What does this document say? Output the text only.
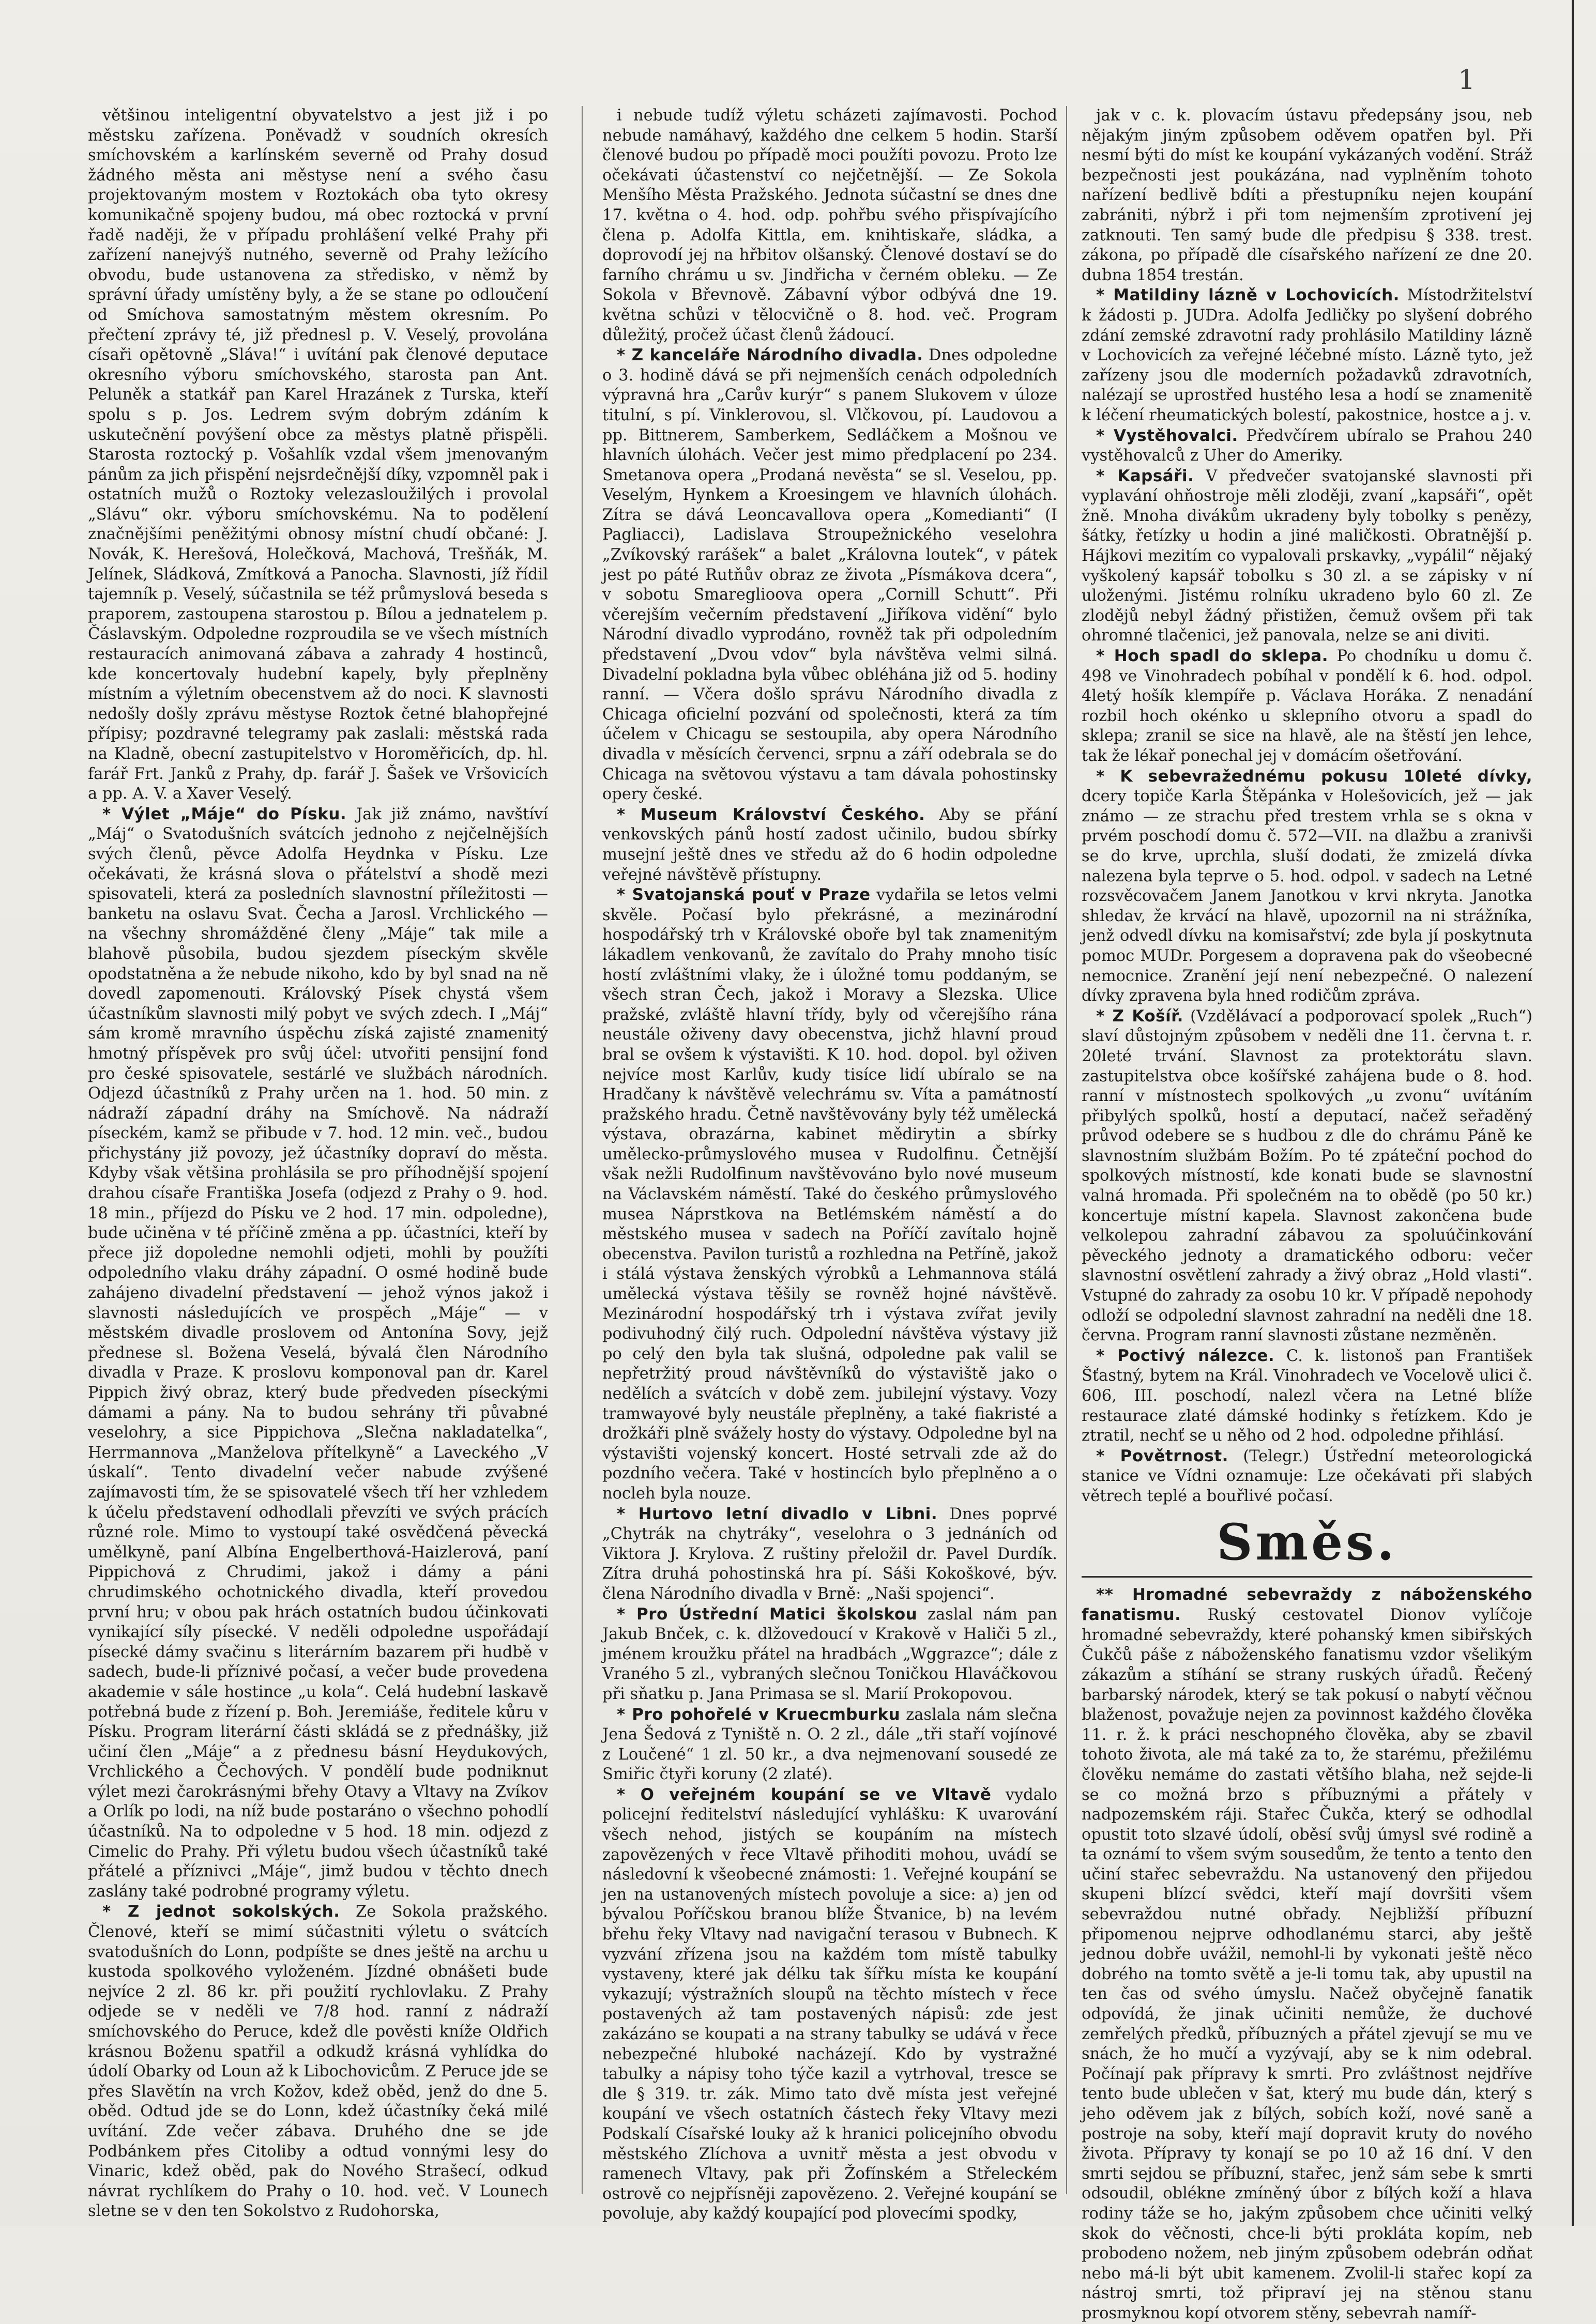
1

většinou inteligentní obyvatelstvo a jest již i po městsku zařízena. Poněvadž v soudních okresích smíchovském a karlínském severně od Prahy dosud žádného města ani městyse není a svého času projektovaným mostem v Roztokách oba tyto okresy komunikačně spojeny budou, má obec roztocká v první řadě naději, že v případu prohlášení velké Prahy při zařízení nanejvýš nutného, severně od Prahy ležícího obvodu, bude ustanovena za středisko, v němž by správní úřady umístěny byly, a že se stane po odloučení od Smíchova samostatným městem okresním. Po přečtení zprávy té, již přednesl p. V. Veselý, provolána císaři opětovně „Sláva!“ i uvítání pak členové deputace okresního výboru smíchovského, starosta pan Ant. Peluněk a statkář pan Karel Hrazánek z Turska, kteří spolu s p. Jos. Ledrem svým dobrým zdáním k uskutečnění povýšení obce za městys platně přispěli. Starosta roztocký p. Vošahlík vzdal všem jmenovaným pánům za jich přispění nejsrdečnější díky, vzpomněl pak i ostatních mužů o Roztoky velezasloužilých i provolal „Slávu“ okr. výboru smíchovskému. Na to podělení značnějšími peněžitými obnosy místní chudí občané: J. Novák, K. Herešová, Holečková, Machová, Trešňák, M. Jelínek, Sládková, Zmítková a Panocha. Slavnosti, jíž řídil tajemník p. Veselý, súčastnila se též průmyslová beseda s praporem, zastoupena starostou p. Bílou a jednatelem p. Čáslavským. Odpoledne rozproudila se ve všech místních restauracích animovaná zábava a zahrady 4 hostinců, kde koncertovaly hudební kapely, byly přeplněny místním a výletním obecenstvem až do noci. K slavnosti nedošly došly zprávu městyse Roztok četné blahopřejné přípisy; pozdravné telegramy pak zaslali: městská rada na Kladně, obecní zastupitelstvo v Horoměřicích, dp. hl. farář Frt. Janků z Prahy, dp. farář J. Šašek ve Vršovicích a pp. A. V. a Xaver Veselý.

* Výlet „Máje“ do Písku. Jak již známo, navštíví „Máj“ o Svatodušních svátcích jednoho z nejčelnějších svých členů, pěvce Adolfa Heydnka v Písku. Lze očekávati, že krásná slova o přátelství a shodě mezi spisovateli, která za posledních slavnostní příležitosti — banketu na oslavu Svat. Čecha a Jarosl. Vrchlického — na všechny shromážděné členy „Máje“ tak mile a blahově působila, budou sjezdem píseckým skvěle opodstatněna a že nebude nikoho, kdo by byl snad na ně dovedl zapomenouti. Královský Písek chystá všem účastníkům slavnosti milý pobyt ve svých zdech. I „Máj“ sám kromě mravního úspěchu získá zajisté znamenitý hmotný příspěvek pro svůj účel: utvořiti pensijní fond pro české spisovatele, sestárlé ve službách národních. Odjezd účastníků z Prahy určen na 1. hod. 50 min. z nádraží západní dráhy na Smíchově. Na nádraží píseckém, kamž se přibude v 7. hod. 12 min. več., budou přichystány již povozy, jež účastníky dopraví do města. Kdyby však většina prohlásila se pro příhodnější spojení drahou císaře Františka Josefa (odjezd z Prahy o 9. hod. 18 min., příjezd do Písku ve 2 hod. 17 min. odpoledne), bude učiněna v té příčině změna a pp. účastníci, kteří by přece již dopoledne nemohli odjeti, mohli by použíti odpoledního vlaku dráhy západní. O osmé hodině bude zahájeno divadelní představení — jehož výnos jakož i slavnosti následujících ve prospěch „Máje“ — v městském divadle proslovem od Antonína Sovy, jejž přednese sl. Božena Veselá, bývalá člen Národního divadla v Praze. K proslovu komponoval pan dr. Karel Pippich živý obraz, který bude předveden píseckými dámami a pány. Na to budou sehrány tři půvabné veselohry, a sice Pippichova „Slečna nakladatelka“, Herrmannova „Manželova přítelkyně“ a Laveckého „V úskalí“. Tento divadelní večer nabude zvýšené zajímavosti tím, že se spisovatelé všech tří her vzhledem k účelu představení odhodlali převzíti ve svých prácích různé role. Mimo to vystoupí také osvědčená pěvecká umělkyně, paní Albína Engelberthová-Haizlerová, paní Pippichová z Chrudimi, jakož i dámy a páni chrudimského ochotnického divadla, kteří provedou první hru; v obou pak hrách ostatních budou účinkovati vynikající síly písecké. V neděli odpoledne uspořádají písecké dámy svačinu s literárním bazarem při hudbě v sadech, bude-li příznivé počasí, a večer bude provedena akademie v sále hostince „u kola“. Celá hudební laskavě potřebná bude z řízení p. Boh. Jeremiáše, ředitele kůru v Písku. Program literární části skládá se z přednášky, již učiní člen „Máje“ a z přednesu básní Heydukových, Vrchlického a Čechových. V pondělí bude podniknut výlet mezi čarokrásnými břehy Otavy a Vltavy na Zvíkov a Orlík po lodi, na níž bude postaráno o všechno pohodlí účastníků. Na to odpoledne v 5 hod. 18 min. odjezd z Cimelic do Prahy. Při výletu budou všech účastníků také přátelé a příznivci „Máje“, jimž budou v těchto dnech zaslány také podrobné programy výletu.

* Z jednot sokolských. Ze Sokola pražského. Členové, kteří se mimí súčastniti výletu o svátcích svatodušních do Lonn, podpíšte se dnes ještě na archu u kustoda spolkového vyloženém. Jízdné obnášeti bude nejvíce 2 zl. 86 kr. při použití rychlovlaku. Z Prahy odjede se v neděli ve 7/8 hod. ranní z nádraží smíchovského do Peruce, kdež dle pověsti kníže Oldřich krásnou Boženu spatřil a odkudž krásná vyhlídka do údolí Obarky od Loun až k Libochovicům. Z Peruce jde se přes Slavětín na vrch Kožov, kdež oběd, jenž do dne 5. oběd. Odtud jde se do Lonn, kdež účastníky čeká milé uvítání. Zde večer zábava. Druhého dne se jde Podbánkem přes Citoliby a odtud vonnými lesy do Vinaric, kdež oběd, pak do Nového Strašecí, odkud návrat rychlíkem do Prahy o 10. hod. več. V Lounech sletne se v den ten Sokolstvo z Rudohorska,

i nebude tudíž výletu scházeti zajímavosti. Pochod nebude namáhavý, každého dne celkem 5 hodin. Starší členové budou po případě moci použíti povozu. Proto lze očekávati účastenství co nejčetnější. — Ze Sokola Menšího Města Pražského. Jednota súčastní se dnes dne 17. května o 4. hod. odp. pohřbu svého přispívajícího člena p. Adolfa Kittla, em. knihtiskaře, sládka, a doprovodí jej na hřbitov olšanský. Členové dostaví se do farního chrámu u sv. Jindřicha v černém obleku. — Ze Sokola v Břevnově. Zábavní výbor odbývá dne 19. května schůzi v tělocvičně o 8. hod. več. Program důležitý, pročež účast členů žádoucí.

* Z kanceláře Národního divadla. Dnes odpoledne o 3. hodině dává se při nejmenších cenách odpoledních výpravná hra „Carův kurýr“ s panem Slukovem v úloze titulní, s pí. Vinklerovou, sl. Vlčkovou, pí. Laudovou a pp. Bittnerem, Samberkem, Sedláčkem a Mošnou ve hlavních úlohách. Večer jest mimo předplacení po 234. Smetanova opera „Prodaná nevěsta“ se sl. Veselou, pp. Veselým, Hynkem a Kroesingem ve hlavních úlohách. Zítra se dává Leoncavallova opera „Komedianti“ (I Pagliacci), Ladislava Stroupežnického veselohra „Zvíkovský rarášek“ a balet „Královna loutek“, v pátek jest po páté Rutňův obraz ze života „Písmákova dcera“, v sobotu Smareglioova opera „Cornill Schutt“. Při včerejším večerním představení „Jiříkova vidění“ bylo Národní divadlo vyprodáno, rovněž tak při odpoledním představení „Dvou vdov“ byla návštěva velmi silná. Divadelní pokladna byla vůbec obléhána již od 5. hodiny ranní. — Včera došlo správu Národního divadla z Chicaga oficielní pozvání od společnosti, která za tím účelem v Chicagu se sestoupila, aby opera Národního divadla v měsících červenci, srpnu a září odebrala se do Chicaga na světovou výstavu a tam dávala pohostinsky opery české.

* Museum Království Českého. Aby se přání venkovských pánů hostí zadost učinilo, budou sbírky musejní ještě dnes ve středu až do 6 hodin odpoledne veřejné návštěvě přístupny.

* Svatojanská pouť v Praze vydařila se letos velmi skvěle. Počasí bylo překrásné, a mezinárodní hospodářský trh v Královské oboře byl tak znamenitým lákadlem venkovanů, že zavítalo do Prahy mnoho tisíc hostí zvláštními vlaky, že i úložné tomu poddaným, se všech stran Čech, jakož i Moravy a Slezska. Ulice pražské, zvláště hlavní třídy, byly od včerejšího rána neustále oživeny davy obecenstva, jichž hlavní proud bral se ovšem k výstavišti. K 10. hod. dopol. byl oživen nejvíce most Karlův, kudy tisíce lidí ubíralo se na Hradčany k návštěvě velechrámu sv. Víta a památností pražského hradu. Četně navštěvovány byly též umělecká výstava, obrazárna, kabinet mědirytin a sbírky umělecko-průmyslového musea v Rudolfinu. Četnější však nežli Rudolfinum navštěvováno bylo nové museum na Václavském náměstí. Také do českého průmyslového musea Náprstkova na Betlémském náměstí a do městského musea v sadech na Poříčí zavítalo hojně obecenstva. Pavilon turistů a rozhledna na Petříně, jakož i stálá výstava ženských výrobků a Lehmannova stálá umělecká výstava těšily se rovněž hojné návštěvě. Mezinárodní hospodářský trh i výstava zvířat jevily podivuhodný čilý ruch. Odpolední návštěva výstavy již po celý den byla tak slušná, odpoledne pak valil se nepřetržitý proud návštěvníků do výstaviště jako o nedělích a svátcích v době zem. jubilejní výstavy. Vozy tramwayové byly neustále přeplněny, a také fiakristé a drožkáři plně svážely hosty do výstavy. Odpoledne byl na výstavišti vojenský koncert. Hosté setrvali zde až do pozdního večera. Také v hostincích bylo přeplněno a o nocleh byla nouze.

* Hurtovo letní divadlo v Libni. Dnes poprvé „Chytrák na chytráky“, veselohra o 3 jednáních od Viktora J. Krylova. Z ruštiny přeložil dr. Pavel Durdík. Zítra druhá pohostinská hra pí. Sáši Kokoškové, býv. člena Národního divadla v Brně: „Naši spojenci“.

* Pro Ústřední Matici školskou zaslal nám pan Jakub Bnček, c. k. dlžovedoucí v Krakově v Haliči 5 zl., jménem kroužku přátel na hradbách „Wggrazce“; dále z Vraného 5 zl., vybraných slečnou Toničkou Hlaváčkovou při sňatku p. Jana Primasa se sl. Marií Prokopovou.

* Pro pohořelé v Kruecmburku zaslala nám slečna Jena Šedová z Tyniště n. O. 2 zl., dále „tři staří vojínové z Loučené“ 1 zl. 50 kr., a dva nejmenovaní sousedé ze Smiřic čtyři koruny (2 zlaté).

* O veřejném koupání se ve Vltavě vydalo policejní ředitelství následující vyhlášku: K uvarování všech nehod, jistých se koupáním na místech zapovězených v řece Vltavě přihoditi mohou, uvádí se následovní k všeobecné známosti: 1. Veřejné koupání se jen na ustanovených místech povoluje a sice: a) jen od bývalou Poříčskou branou blíže Štvanice, b) na levém břehu řeky Vltavy nad navigační terasou v Bubnech. K vyzvání zřízena jsou na každém tom místě tabulky vystaveny, které jak délku tak šířku místa ke koupání vykazují; výstražních sloupů na těchto místech v řece postavených až tam postavených nápisů: zde jest zakázáno se koupati a na strany tabulky se udává v řece nebezpečné hluboké nacházejí. Kdo by vystražné tabulky a nápisy toho týče kazil a vytrhoval, tresce se dle § 319. tr. zák. Mimo tato dvě místa jest veřejné koupání ve všech ostatních částech řeky Vltavy mezi Podskalí Císařské louky až k hranici policejního obvodu městského Zlíchova a uvnitř města a jest obvodu v ramenech Vltavy, pak při Žofínském a Střeleckém ostrově co nejpřísněji zapovězeno. 2. Veřejné koupání se povoluje, aby každý koupající pod plovecími spodky,

jak v c. k. plovacím ústavu předepsány jsou, neb nějakým jiným způsobem oděvem opatřen byl. Při nesmí býti do míst ke koupání vykázaných vodění. Stráž bezpečnosti jest poukázána, nad vyplněním tohoto nařízení bedlivě bdíti a přestupníku nejen koupání zabrániti, nýbrž i při tom nejmenším zprotivení jej zatknouti. Ten samý bude dle předpisu § 338. trest. zákona, po případě dle císařského nařízení ze dne 20. dubna 1854 trestán.

* Matildiny lázně v Lochovicích. Místodržitelství k žádosti p. JUDra. Adolfa Jedličky po slyšení dobrého zdání zemské zdravotní rady prohlásilo Matildiny lázně v Lochovicích za veřejné léčebné místo. Lázně tyto, jež zařízeny jsou dle moderních požadavků zdravotních, nalézají se uprostřed hustého lesa a hodí se znamenitě k léčení rheumatických bolestí, pakostnice, hostce a j. v.

* Vystěhovalci. Předvčírem ubíralo se Prahou 240 vystěhovalců z Uher do Ameriky.

* Kapsáři. V předvečer svatojanské slavnosti při vyplavání ohňostroje měli zloději, zvaní „kapsáři“, opět žně. Mnoha divákům ukradeny byly tobolky s penězy, šátky, řetízky u hodin a jiné maličkosti. Obratnější p. Hájkovi mezitím co vypalovali prskavky, „vypálil“ nějaký vyškolený kapsář tobolku s 30 zl. a se zápisky v ní uloženými. Jistému rolníku ukradeno bylo 60 zl. Ze zlodějů nebyl žádný přistižen, čemuž ovšem při tak ohromné tlačenici, jež panovala, nelze se ani diviti.

* Hoch spadl do sklepa. Po chodníku u domu č. 498 ve Vinohradech pobíhal v pondělí k 6. hod. odpol. 4letý hošík klempíře p. Václava Horáka. Z nenadání rozbil hoch okénko u sklepního otvoru a spadl do sklepa; zranil se sice na hlavě, ale na štěstí jen lehce, tak že lékař ponechal jej v domácím ošetřování.

* K sebevražednému pokusu 10leté dívky, dcery topiče Karla Štěpánka v Holešovicích, jež — jak známo — ze strachu před trestem vrhla se s okna v prvém poschodí domu č. 572—VII. na dlažbu a zranivši se do krve, uprchla, sluší dodati, že zmizelá dívka nalezena byla teprve o 5. hod. odpol. v sadech na Letné rozsvěcovačem Janem Janotkou v krvi nkryta. Janotka shledav, že krvácí na hlavě, upozornil na ni strážníka, jenž odvedl dívku na komisařství; zde byla jí poskytnuta pomoc MUDr. Porgesem a dopravena pak do všeobecné nemocnice. Zranění její není nebezpečné. O nalezení dívky zpravena byla hned rodičům zpráva.

* Z Košíř. (Vzdělávací a podporovací spolek „Ruch“) slaví důstojným způsobem v neděli dne 11. června t. r. 20leté trvání. Slavnost za protektorátu slavn. zastupitelstva obce košířské zahájena bude o 8. hod. ranní v místnostech spolkových „u zvonu“ uvítáním přibylých spolků, hostí a deputací, načež seřaděný průvod odebere se s hudbou z dle do chrámu Páně ke slavnostním službám Božím. Po té zpáteční pochod do spolkových místností, kde konati bude se slavnostní valná hromada. Při společném na to obědě (po 50 kr.) koncertuje místní kapela. Slavnost zakončena bude velkolepou zahradní zábavou za spoluúčinkování pěveckého jednoty a dramatického odboru: večer slavnostní osvětlení zahrady a živý obraz „Hold vlasti“. Vstupné do zahrady za osobu 10 kr. V případě nepohody odloží se odpolední slavnost zahradní na neděli dne 18. června. Program ranní slavnosti zůstane nezměněn.

* Poctivý nálezce. C. k. listonoš pan František Šťastný, bytem na Král. Vinohradech ve Vocelově ulici č. 606, III. poschodí, nalezl včera na Letné blíže restaurace zlaté dámské hodinky s řetízkem. Kdo je ztratil, nechť se u něho od 2 hod. odpoledne přihlásí.

* Povětrnost. (Telegr.) Ústřední meteorologická stanice ve Vídni oznamuje: Lze očekávati při slabých větrech teplé a bouřlivé počasí.

Směs.

** Hromadné sebevraždy z náboženského fanatismu. Ruský cestovatel Dionov vylíčoje hromadné sebevraždy, které pohanský kmen sibiřských Čukčů páše z náboženského fanatismu vzdor všelikým zákazům a stíhání se strany ruských úřadů. Řečený barbarský národek, který se tak pokusí o nabytí věčnou blaženost, považuje nejen za povinnost každého člověka 11. r. ž. k práci neschopného člověka, aby se zbavil tohoto života, ale má také za to, že starému, přežilému člověku nemáme do zastati většího blaha, než sejde-li se co možná brzo s příbuznými a přátely v nadpozemském ráji. Stařec Čukča, který se odhodlal opustit toto slzavé údolí, oběsí svůj úmysl své rodině a ta oznámí to všem svým sousedům, že tento a tento den učiní stařec sebevraždu. Na ustanovený den přijedou skupeni blízcí svědci, kteří mají dovršiti všem sebevraždou nutné obřady. Nejbližší příbuzní připomenou nejprve odhodlanému starci, aby ještě jednou dobře uvážil, nemohl-li by vykonati ještě něco dobrého na tomto světě a je-li tomu tak, aby upustil na ten čas od svého úmyslu. Načež obyčejně fanatik odpovídá, že jinak učiniti nemůže, že duchové zemřelých předků, příbuzných a přátel zjevují se mu ve snách, že ho mučí a vyzývají, aby se k nim odebral. Počínají pak přípravy k smrti. Pro zvláštnost nejdříve tento bude ublečen v šat, který mu bude dán, který s jeho oděvem jak z bílých, sobích koží, nové saně a postroje na soby, kteří mají dopravit kruty do nového života. Přípravy ty konají se po 10 až 16 dní. V den smrti sejdou se příbuzní, stařec, jenž sám sebe k smrti odsoudil, oblékne zmíněný úbor z bílých koží a hlava rodiny táže se ho, jakým způsobem chce učiniti velký skok do věčnosti, chce-li býti prokláta kopím, neb probodeno nožem, neb jiným způsobem odebrán odňat nebo má-li být ubit kamenem. Zvolil-li stařec kopí za nástroj smrti, tož připraví jej na stěnou stanu prosmyknou kopí otvorem stěny, sebevrah namíř-
